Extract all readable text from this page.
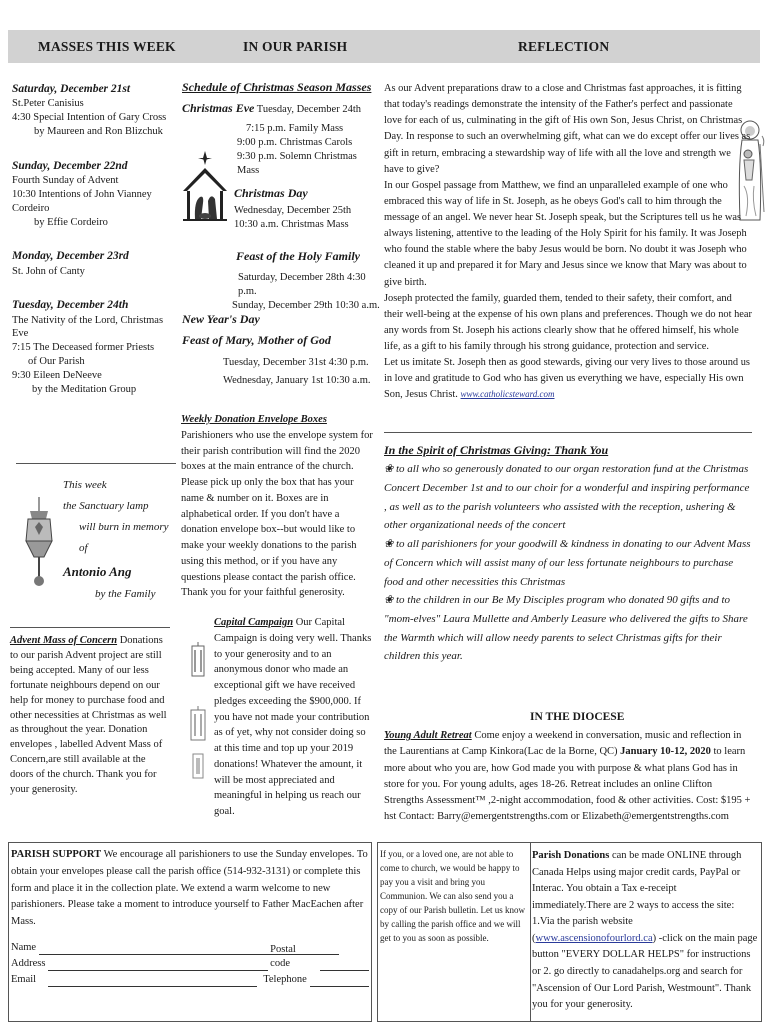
MASSES THIS WEEK	IN OUR PARISH	REFLECTION
Saturday, December 21st
St.Peter Canisius
4:30 Special Intention of Gary Cross
by Maureen and Ron Blizchuk
Sunday, December 22nd
Fourth Sunday of Advent
10:30 Intentions of John Vianney Cordeiro
by Effie Cordeiro
Monday, December 23rd
St. John of Canty
Tuesday, December 24th
The Nativity of the Lord, Christmas Eve
7:15 The Deceased former Priests
of Our Parish
9:30 Eileen DeNeeve
by the Meditation Group
This week
the Sanctuary lamp
will burn in memory of
Antonio Ang
by the Family

Advent Mass of Concern Donations to our parish Advent project are still being accepted. Many of our less fortunate neighbours depend on our help for money to purchase food and other necessities at Christmas as well as throughout the year. Donation envelopes , labelled Advent Mass of Concern,are still available at the doors of the church. Thank you for your generosity.

Schedule of Christmas Season Masses
Christmas Eve Tuesday, December 24th
7:15 p.m. Family Mass
9:00 p.m. Christmas Carols
9:30 p.m. Solemn Christmas Mass
Christmas Day
Wednesday, December 25th
10:30 a.m. Christmas Mass
Feast of the Holy Family
Saturday, December 28th 4:30 p.m.
Sunday, December 29th 10:30 a.m.
New Year's Day
Feast of Mary, Mother of God
Tuesday, December 31st 4:30 p.m.
Wednesday, January 1st 10:30 a.m.

Weekly Donation Envelope Boxes Parishioners who use the envelope system for their parish contribution will find the 2020 boxes at the main entrance of the church. Please pick up only the box that has your name & number on it. Boxes are in alphabetical order. If you don't have a donation envelope box--but would like to make your weekly donations to the parish using this method, or if you have any questions please contact the parish office. Thank you for your faithful generosity.

Capital Campaign Our Capital Campaign is doing very well. Thanks to your generosity and to an anonymous donor who made an exceptional gift we have received pledges exceeding the $900,000. If you have not made your contribution as of yet, why not consider doing so at this time and top up your 2019 donations! Whatever the amount, it will be most appreciated and meaningful in helping us reach our goal.

As our Advent preparations draw to a close and Christmas fast approaches, it is fitting that today's readings demonstrate the intensity of the Father's perfect and passionate love for each of us, culminating in the gift of His own Son, Jesus Christ, on Christmas Day. In response to such an overwhelming gift, what can we do except offer our lives as gift in return, embracing a stewardship way of life with all the love and strength we have to give?
In our Gospel passage from Matthew, we find an unparalleled example of one who embraced this way of life in St. Joseph, as he obeys God's call to him through the message of an angel. We never hear St. Joseph speak, but the Scriptures tell us he was always listening, attentive to the leading of the Holy Spirit for his family. It was Joseph who found the stable where the baby Jesus would be born. No doubt it was Joseph who cleaned it up and prepared it for Mary and Jesus since we know that Mary was about to give birth.
Joseph protected the family, guarded them, tended to their safety, their comfort, and their well-being at the expense of his own plans and preferences. Though we do not hear any words from St. Joseph his actions clearly show that he offered himself, his whole life, as a gift to his family through his strong guidance, protection and service.
Let us imitate St. Joseph then as good stewards, giving our very lives to those around us in love and gratitude to God who has given us everything we have, especially His own Son, Jesus Christ. www.catholicsteward.com
In the Spirit of Christmas Giving: Thank You
❀ to all who so generously donated to our organ restoration fund at the Christmas Concert December 1st and to our choir for a wonderful and inspiring performance , as well as to the parish volunteers who assisted with the reception, ushering & other organizational needs of the concert
❀ to all parishioners for your goodwill & kindness in donating to our Advent Mass of Concern which will assist many of our less fortunate neighbours to purchase food and other necessities this Christmas
❀ to the children in our Be My Disciples program who donated 90 gifts and to "mom-elves" Laura Mullette and Amberly Leasure who delivered the gifts to Share the Warmth which will allow needy parents to select Christmas gifts for their children this year.
IN THE DIOCESE

Young Adult Retreat Come enjoy a weekend in conversation, music and reflection in the Laurentians at Camp Kinkora(Lac de la Borne, QC) January 10-12, 2020 to learn more about who you are, how God made you with purpose & what plans God has in store for you. For young adults, ages 18-26. Retreat includes an online Clifton Strengths Assessment™ ,2-night accommodation, food & other activities. Cost: $195 + hst Contact: Barry@emergentstrengths.com or Elizabeth@emergentstrengths.com

PARISH SUPPORT We encourage all parishioners to use the Sunday envelopes. To obtain your envelopes please call the parish office (514-932-3131) or complete this form and place it in the collection plate. We extend a warm welcome to new parishioners. Please take a moment to introduce yourself to Father MacEachen after Mass.

Name
Address
Postal code
Email	Telephone

If you, or a loved one, are not able to come to church, we would be happy to pay you a visit and bring you Communion. We can also send you a copy of our Parish bulletin. Let us know by calling the parish office and we will get to you as soon as possible.

Parish Donations can be made ONLINE through Canada Helps using major credit cards, PayPal or Interac. You obtain a Tax e-receipt immediately.There are 2 ways to access the site: 1.Via the parish website (www.ascensionofourlord.ca) -click on the main page button "EVERY DOLLAR HELPS" for instructions or 2. go directly to canadahelps.org and search for "Ascension of Our Lord Parish, Westmount". Thank you for your generosity.
